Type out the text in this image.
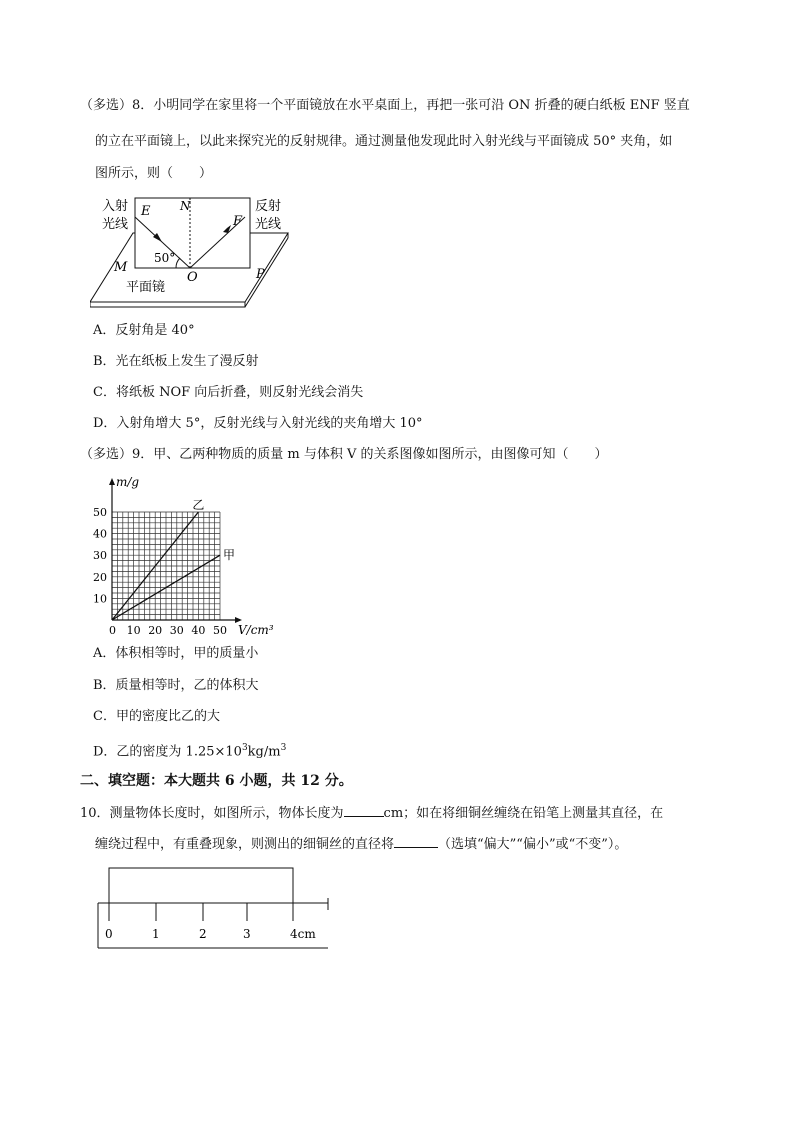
（多选）8．小明同学在家里将一个平面镜放在水平桌面上，再把一张可沿 ON 折叠的硬白纸板 ENF 竖直
的立在平面镜上，以此来探究光的反射规律。通过测量他发现此时入射光线与平面镜成 50° 夹角，如
图所示，则（　　）
入射
光线
E N
F
反射
光线
50°
M
O	P
平面镜
A．反射角是 40°
B．光在纸板上发生了漫反射
C．将纸板 NOF 向后折叠，则反射光线会消失
D．入射角增大 5°，反射光线与入射光线的夹角增大 10°
（多选）9．甲、乙两种物质的质量 m 与体积 V 的关系图像如图所示，由图像可知（　　）
乙
甲
0 10 20 30 40 50
10
20
30
40
50
m/g
V/cm³
A．体积相等时，甲的质量小
B．质量相等时，乙的体积大
C．甲的密度比乙的大
D．乙的密度为 $1.25\times 10^3kg/m^3$
二、填空题：本大题共 6 小题，共 12 分。
10．测量物体长度时，如图所示，物体长度为	cm；如在将细铜丝缠绕在铅笔上测量其直径，在
缠绕过程中，有重叠现象，则测出的细铜丝的直径将	（选填“偏大”“偏小”或“不变”）。
0	1	2	3	4cm
